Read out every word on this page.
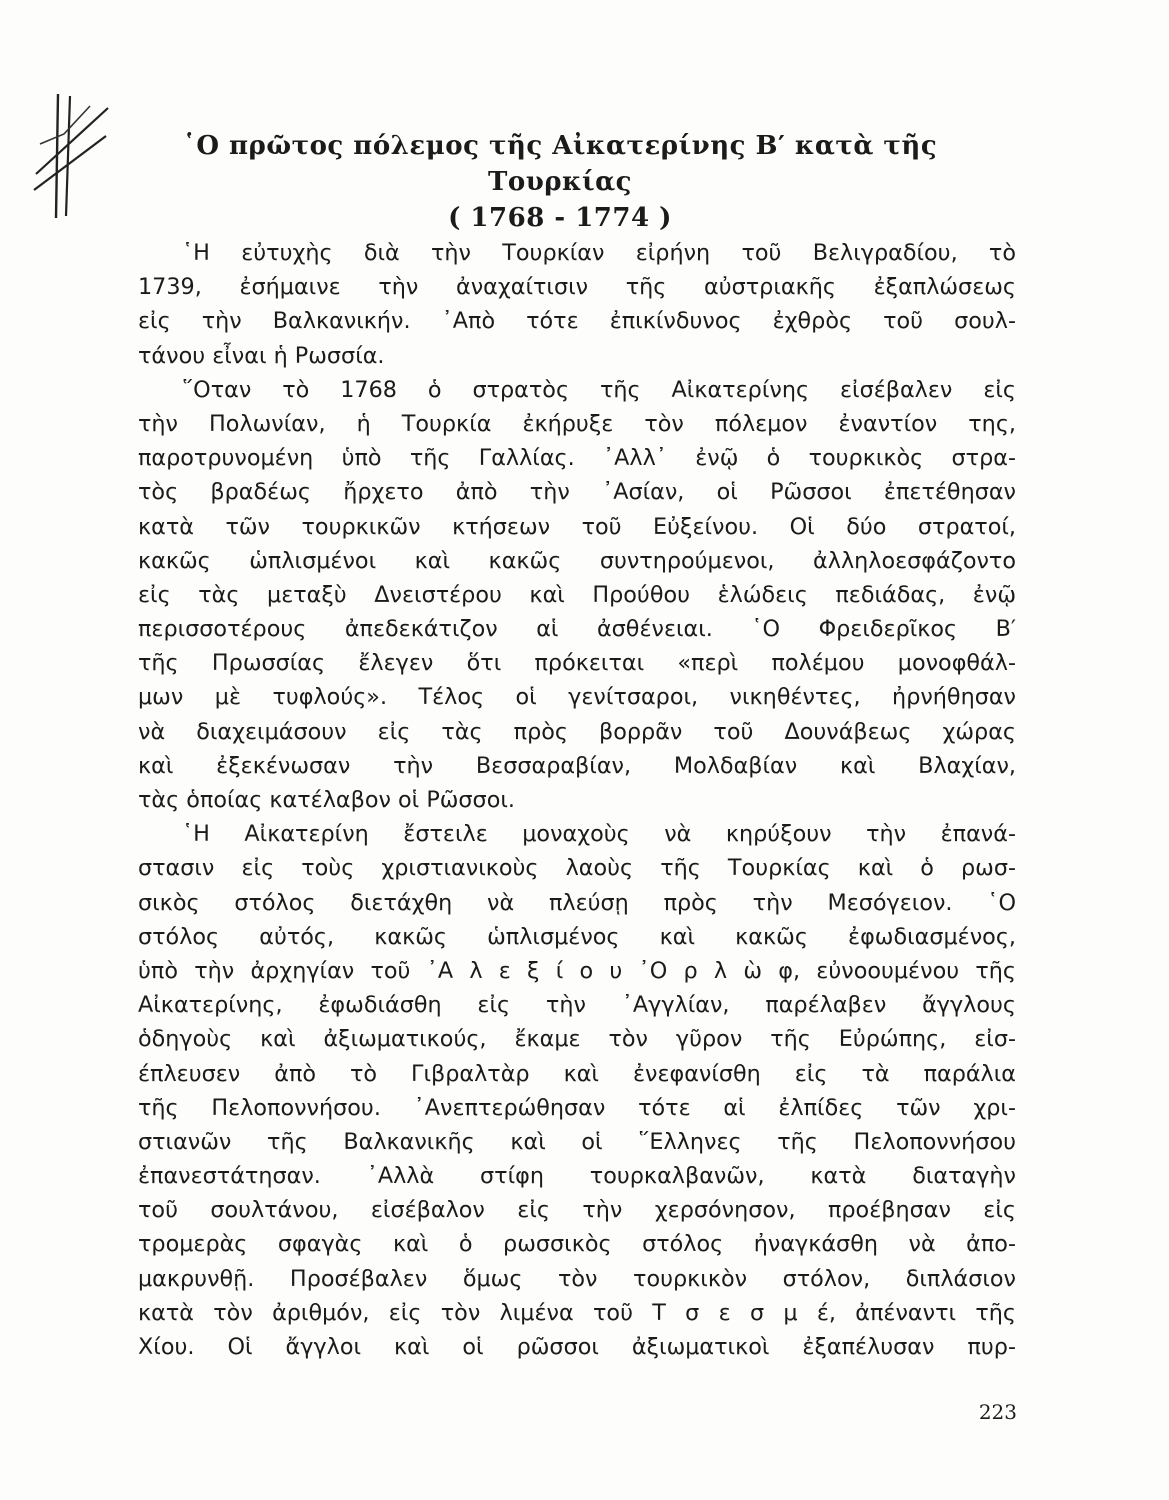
῾Ο πρῶτος πόλεμος τῆς Αἰκατερίνης Β′ κατὰ τῆς Τουρκίας
( 1768 - 1774 )
῾Η εὐτυχὴς διὰ τὴν Τουρκίαν εἰρήνη τοῦ Βελιγραδίου, τὸ
1739, ἐσήμαινε τὴν ἀναχαίτισιν τῆς αὐστριακῆς ἐξαπλώσεως
εἰς τὴν Βαλκανικήν. ᾿Απὸ τότε ἐπικίνδυνος ἐχθρὸς τοῦ σουλ-
τάνου εἶναι ἡ Ρωσσία.
῞Οταν τὸ 1768 ὁ στρατὸς τῆς Αἰκατερίνης εἰσέβαλεν εἰς
τὴν Πολωνίαν, ἡ Τουρκία ἐκήρυξε τὸν πόλεμον ἐναντίον της,
παροτρυνομένη ὑπὸ τῆς Γαλλίας. ᾿Αλλ᾿ ἐνῷ ὁ τουρκικὸς στρα-
τὸς βραδέως ἤρχετο ἀπὸ τὴν ᾿Ασίαν, οἱ Ρῶσσοι ἐπετέθησαν
κατὰ τῶν τουρκικῶν κτήσεων τοῦ Εὐξείνου. Οἱ δύο στρατοί,
κακῶς ὡπλισμένοι καὶ κακῶς συντηρούμενοι, ἀλληλοεσφάζοντο
εἰς τὰς μεταξὺ Δνειστέρου καὶ Προύθου ἑλώδεις πεδιάδας, ἐνῷ
περισσοτέρους ἀπεδεκάτιζον αἱ ἀσθένειαι. ῾Ο Φρειδερῖκος Β′
τῆς Πρωσσίας ἔλεγεν ὅτι πρόκειται «περὶ πολέμου μονοφθάλ-
μων μὲ τυφλούς». Τέλος οἱ γενίτσαροι, νικηθέντες, ἠρνήθησαν
νὰ διαχειμάσουν εἰς τὰς πρὸς βορρᾶν τοῦ Δουνάβεως χώρας
καὶ ἐξεκένωσαν τὴν Βεσσαραβίαν, Μολδαβίαν καὶ Βλαχίαν,
τὰς ὁποίας κατέλαβον οἱ Ρῶσσοι.
῾Η Αἰκατερίνη ἔστειλε μοναχοὺς νὰ κηρύξουν τὴν ἐπανά-
στασιν εἰς τοὺς χριστιανικοὺς λαοὺς τῆς Τουρκίας καὶ ὁ ρωσ-
σικὸς στόλος διετάχθη νὰ πλεύσῃ πρὸς τὴν Μεσόγειον. ῾Ο
στόλος αὐτός, κακῶς ὡπλισμένος καὶ κακῶς ἐφωδιασμένος,
ὑπὸ τὴν ἀρχηγίαν τοῦ ᾿Α λ ε ξ ί ο υ ᾿Ο ρ λ ὼ φ, εὐνοουμένου τῆς
Αἰκατερίνης, ἐφωδιάσθη εἰς τὴν ᾿Αγγλίαν, παρέλαβεν ἄγγλους
ὁδηγοὺς καὶ ἀξιωματικούς, ἔκαμε τὸν γῦρον τῆς Εὐρώπης, εἰσ-
έπλευσεν ἀπὸ τὸ Γιβραλτὰρ καὶ ἐνεφανίσθη εἰς τὰ παράλια
τῆς Πελοποννήσου. ᾿Ανεπτερώθησαν τότε αἱ ἐλπίδες τῶν χρι-
στιανῶν τῆς Βαλκανικῆς καὶ οἱ ῞Ελληνες τῆς Πελοποννήσου
ἐπανεστάτησαν. ᾿Αλλὰ στίφη τουρκαλβανῶν, κατὰ διαταγὴν
τοῦ σουλτάνου, εἰσέβαλον εἰς τὴν χερσόνησον, προέβησαν εἰς
τρομερὰς σφαγὰς καὶ ὁ ρωσσικὸς στόλος ἠναγκάσθη νὰ ἀπο-
μακρυνθῇ. Προσέβαλεν ὅμως τὸν τουρκικὸν στόλον, διπλάσιον
κατὰ τὸν ἀριθμόν, εἰς τὸν λιμένα τοῦ Τ σ ε σ μ έ, ἀπέναντι τῆς
Χίου. Οἱ ἄγγλοι καὶ οἱ ρῶσσοι ἀξιωματικοὶ ἐξαπέλυσαν πυρ-
223
